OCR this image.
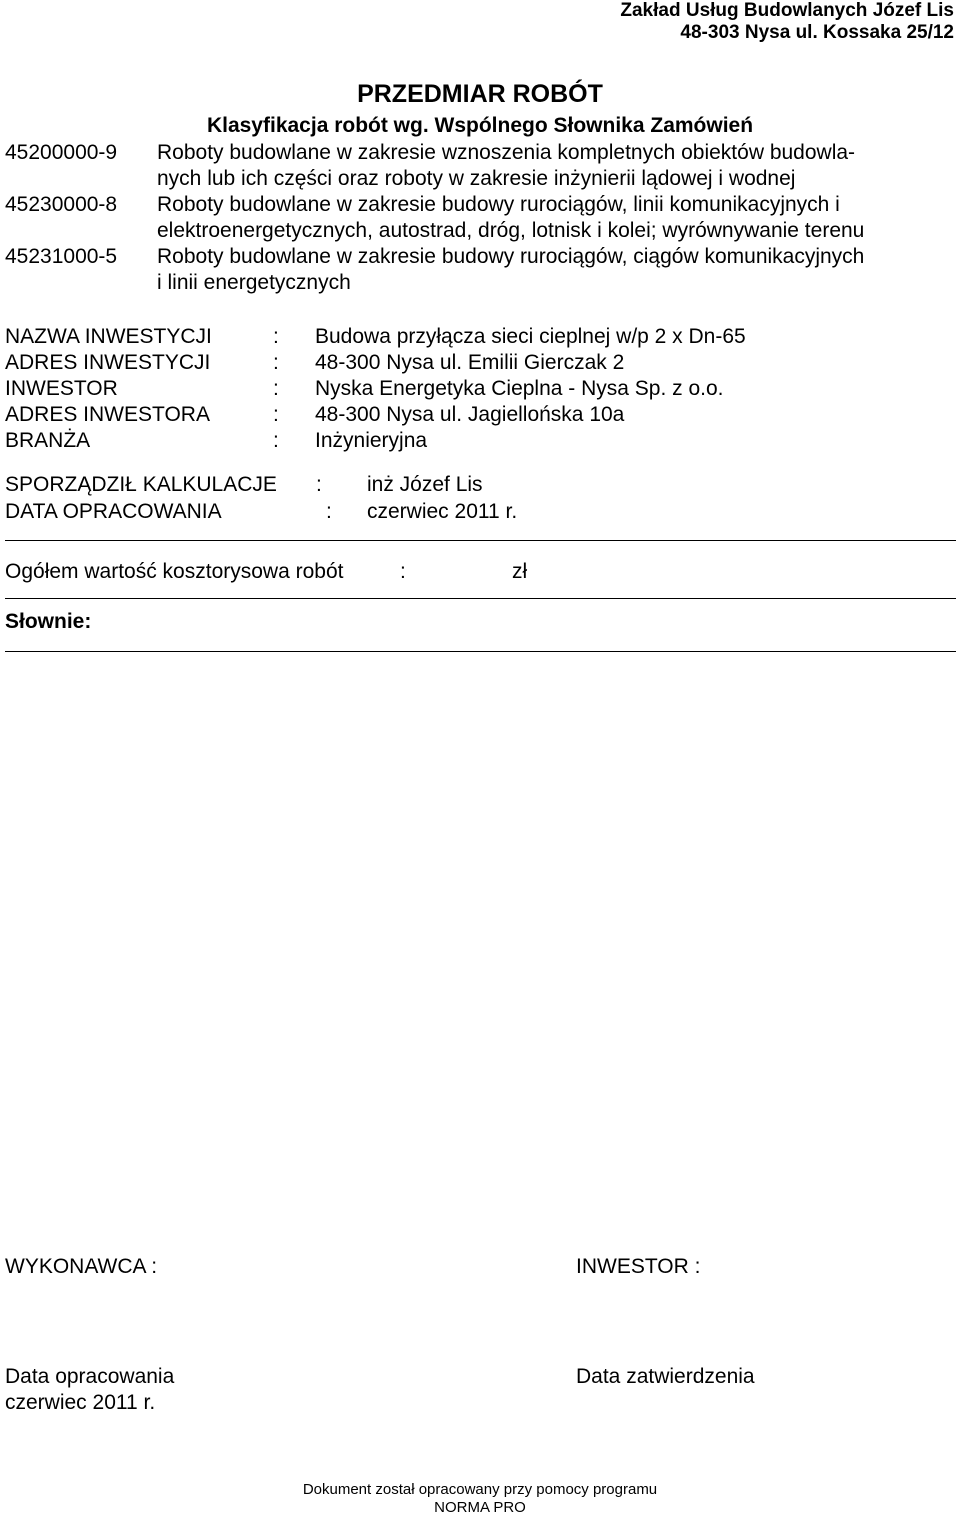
Zakład Usług Budowlanych Józef Lis
48-303 Nysa ul. Kossaka 25/12
PRZEDMIAR ROBÓT
Klasyfikacja robót wg. Wspólnego Słownika Zamówień
45200000-9 Roboty budowlane w zakresie wznoszenia kompletnych obiektów budowla-
nych lub ich części oraz roboty w zakresie inżynierii lądowej i wodnej
45230000-8 Roboty budowlane w zakresie budowy rurociągów, linii komunikacyjnych i
elektroenergetycznych, autostrad, dróg, lotnisk i kolei; wyrównywanie terenu
45231000-5 Roboty budowlane w zakresie budowy rurociągów, ciągów komunikacyjnych
i linii energetycznych
NAZWA INWESTYCJI	: Budowa przyłącza sieci cieplnej w/p 2 x Dn-65
ADRES INWESTYCJI	: 48-300 Nysa ul. Emilii Gierczak 2
INWESTOR	: Nyska Energetyka Cieplna - Nysa Sp. z o.o.
ADRES INWESTORA	: 48-300 Nysa ul. Jagiellońska 10a
BRANŻA	: Inżynieryjna
SPORZĄDZIŁ KALKULACJE : inż Józef Lis
DATA OPRACOWANIA	: czerwiec 2011 r.
Ogółem wartość kosztorysowa robót	:	zł
Słownie:
WYKONAWCA :	INWESTOR :
Data opracowania
czerwiec 2011 r.
Data zatwierdzenia
Dokument został opracowany przy pomocy programu
NORMA PRO
